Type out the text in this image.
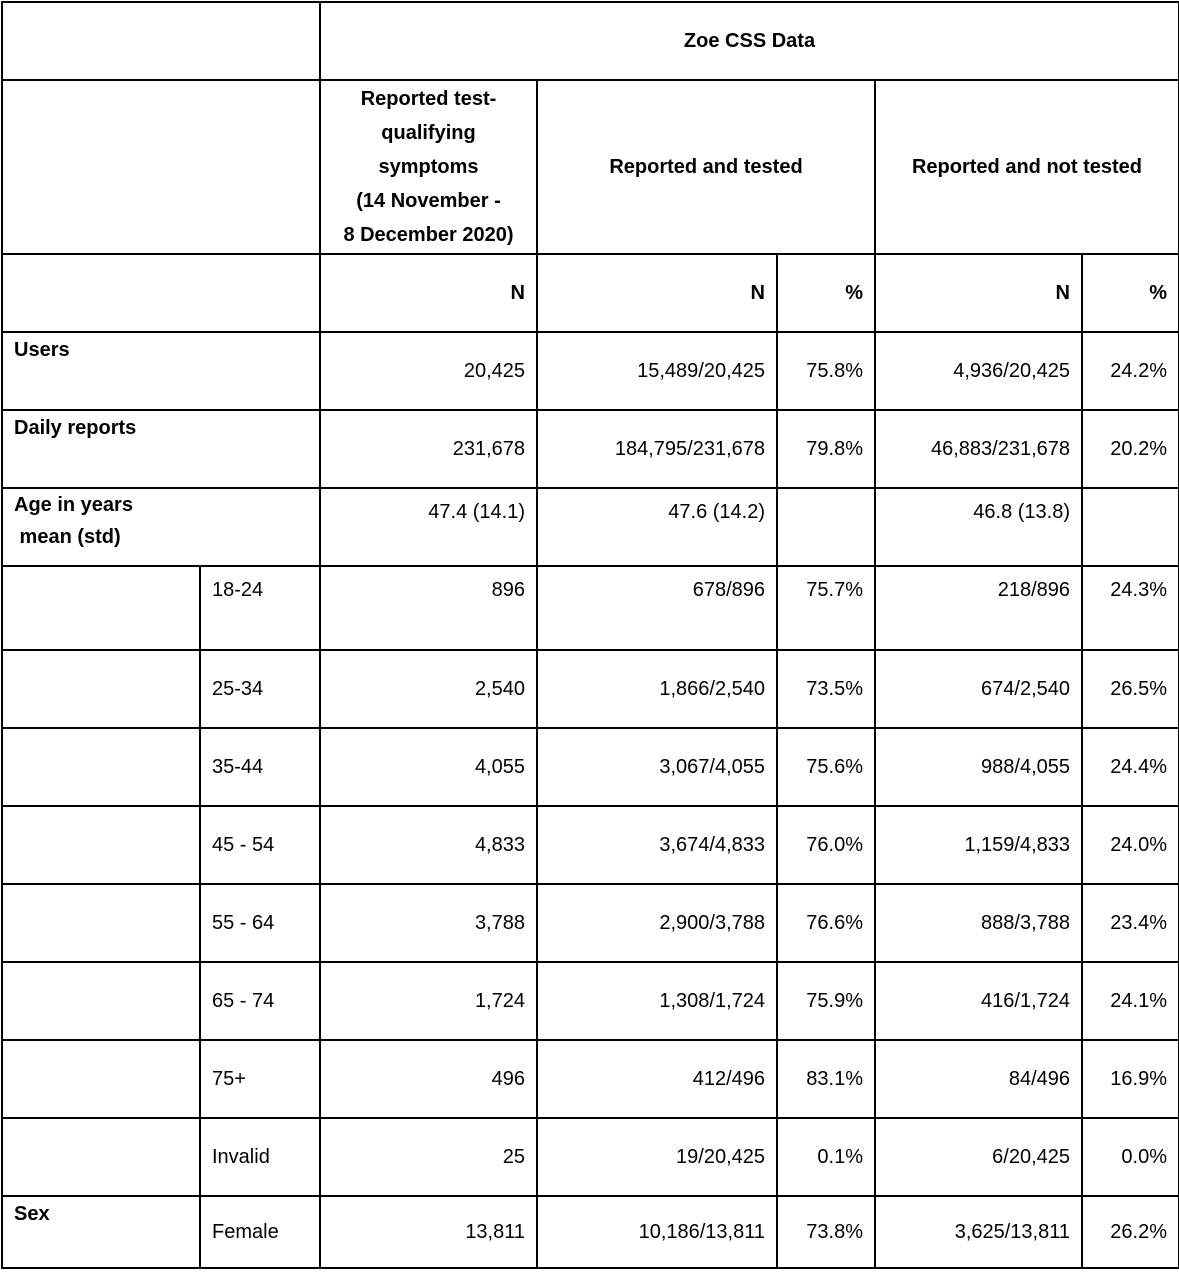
		Zoe CSS Data				

		Reported test-
qualifying
symptoms
(14 November -
8 December 2020)	Reported and tested		Reported and not tested	
		N	N	%	N	%
Users		20,425	15,489/20,425	75.8%	4,936/20,425	24.2%
Daily reports		231,678	184,795/231,678	79.8%	46,883/231,678	20.2%

Age in years
mean (std)		47.4 (14.1)	47.6 (14.2)		46.8 (13.8)	
	18-24	896	678/896	75.7%	218/896	24.3%
	25-34	2,540	1,866/2,540	73.5%	674/2,540	26.5%
	35-44	4,055	3,067/4,055	75.6%	988/4,055	24.4%
	45 - 54	4,833	3,674/4,833	76.0%	1,159/4,833	24.0%
	55 - 64	3,788	2,900/3,788	76.6%	888/3,788	23.4%
	65 - 74	1,724	1,308/1,724	75.9%	416/1,724	24.1%
	75+	496	412/496	83.1%	84/496	16.9%
	Invalid	25	19/20,425	0.1%	6/20,425	0.0%
Sex	Female	13,811	10,186/13,811	73.8%	3,625/13,811	26.2%
